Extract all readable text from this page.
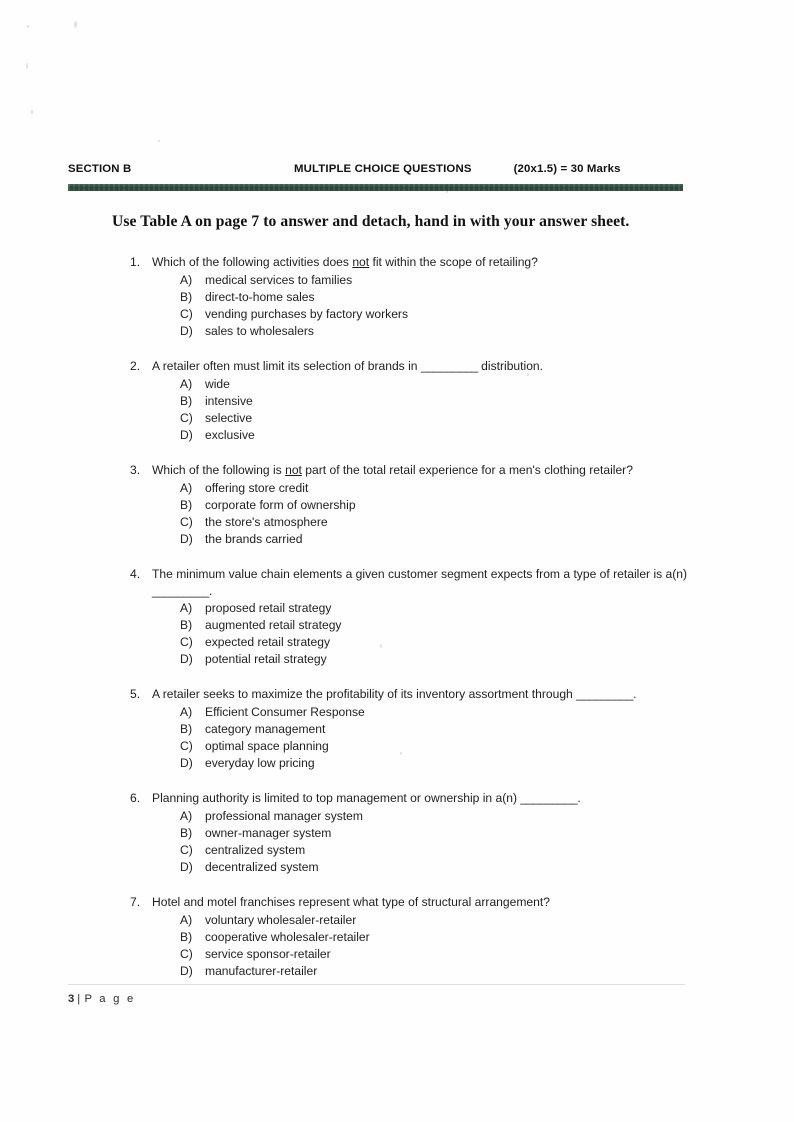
SECTION B	MULTIPLE CHOICE QUESTIONS	(20x1.5) = 30 Marks
Use Table A on page 7 to answer and detach, hand in with your answer sheet.
1. Which of the following activities does not fit within the scope of retailing?
A)	medical services to families
B)	direct-to-home sales
C)	vending purchases by factory workers
D)	sales to wholesalers
2. A retailer often must limit its selection of brands in _________ distribution.
A)	wide
B)	intensive
C)	selective
D)	exclusive
3. Which of the following is not part of the total retail experience for a men's clothing retailer?
A)	offering store credit
B)	corporate form of ownership
C)	the store's atmosphere
D)	the brands carried
4. The minimum value chain elements a given customer segment expects from a type of retailer is a(n) _________.
A)	proposed retail strategy
B)	augmented retail strategy
C)	expected retail strategy
D)	potential retail strategy
5. A retailer seeks to maximize the profitability of its inventory assortment through _________.
A)	Efficient Consumer Response
B)	category management
C)	optimal space planning
D)	everyday low pricing
6. Planning authority is limited to top management or ownership in a(n) _________.
A)	professional manager system
B)	owner-manager system
C)	centralized system
D)	decentralized system
7. Hotel and motel franchises represent what type of structural arrangement?
A)	voluntary wholesaler-retailer
B)	cooperative wholesaler-retailer
C)	service sponsor-retailer
D)	manufacturer-retailer
3 | P a g e
